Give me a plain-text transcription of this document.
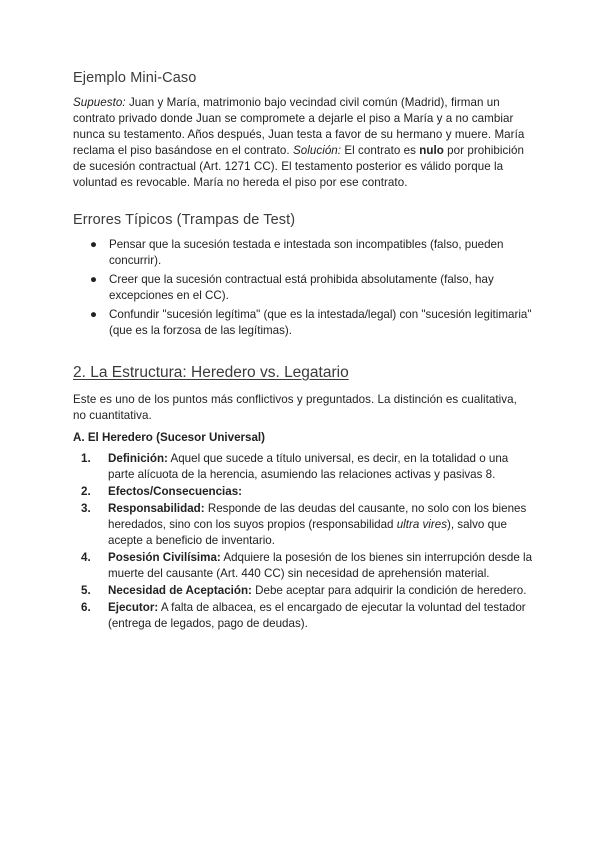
Ejemplo Mini-Caso

Supuesto: Juan y María, matrimonio bajo vecindad civil común (Madrid), firman un contrato privado donde Juan se compromete a dejarle el piso a María y a no cambiar nunca su testamento. Años después, Juan testa a favor de su hermano y muere. María reclama el piso basándose en el contrato. Solución: El contrato es nulo por prohibición de sucesión contractual (Art. 1271 CC). El testamento posterior es válido porque la voluntad es revocable. María no hereda el piso por ese contrato.

Errores Típicos (Trampas de Test)
● Pensar que la sucesión testada e intestada son incompatibles (falso, pueden concurrir).
● Creer que la sucesión contractual está prohibida absolutamente (falso, hay excepciones en el CC).
● Confundir "sucesión legítima" (que es la intestada/legal) con "sucesión legitimaria" (que es la forzosa de las legítimas).
2. La Estructura: Heredero vs. Legatario

Este es uno de los puntos más conflictivos y preguntados. La distinción es cualitativa, no cuantitativa.

A. El Heredero (Sucesor Universal)
1. Definición: Aquel que sucede a título universal, es decir, en la totalidad o una parte alícuota de la herencia, asumiendo las relaciones activas y pasivas 8.
2. Efectos/Consecuencias:
3. Responsabilidad: Responde de las deudas del causante, no solo con los bienes heredados, sino con los suyos propios (responsabilidad ultra vires), salvo que acepte a beneficio de inventario.
4. Posesión Civilísima: Adquiere la posesión de los bienes sin interrupción desde la muerte del causante (Art. 440 CC) sin necesidad de aprehensión material.
5. Necesidad de Aceptación: Debe aceptar para adquirir la condición de heredero.
6. Ejecutor: A falta de albacea, es el encargado de ejecutar la voluntad del testador (entrega de legados, pago de deudas).
